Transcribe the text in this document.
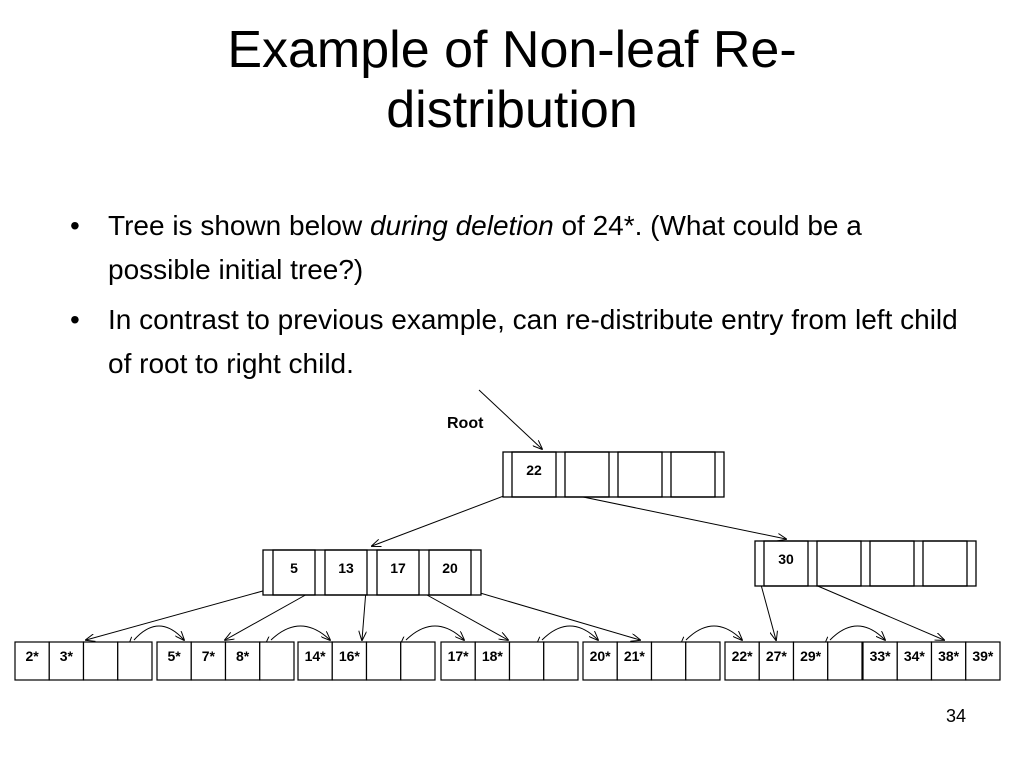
Example of Non-leaf Re-
distribution
• Tree is shown below during deletion of 24*. (What could be a possible initial tree?)
• In contrast to previous example, can re-distribute entry from left child of root to right child.
22
5	13	17	20
30
2* 3*	5* 7* 8*	14* 16*	17* 18*	20* 21*	22* 27* 29*	33* 34* 38* 39*
Root
34
